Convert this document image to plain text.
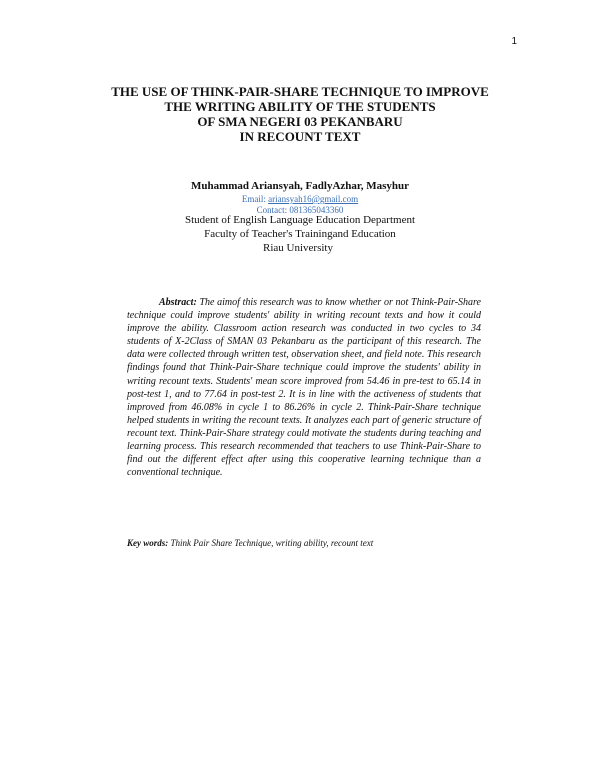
1
THE USE OF THINK-PAIR-SHARE TECHNIQUE TO IMPROVE
THE WRITING ABILITY OF THE STUDENTS
OF SMA NEGERI 03 PEKANBARU
IN RECOUNT TEXT
Muhammad Ariansyah, FadlyAzhar, Masyhur
Email: ariansyah16@gmail.com
Contact: 081365043360
Student of English Language Education Department
Faculty of Teacher's Trainingand Education
Riau University
Abstract: The aimof this research was to know whether or not Think-Pair-Share technique could improve students' ability in writing recount texts and how it could improve the ability. Classroom action research was conducted in two cycles to 34 students of X-2Class of SMAN 03 Pekanbaru as the participant of this research. The data were collected through written test, observation sheet, and field note. This research findings found that Think-Pair-Share technique could improve the students' ability in writing recount texts. Students' mean score improved from 54.46 in pre-test to 65.14 in post-test 1, and to 77.64 in post-test 2. It is in line with the activeness of students that improved from 46.08% in cycle 1 to 86.26% in cycle 2. Think-Pair-Share technique helped students in writing the recount texts. It analyzes each part of generic structure of recount text. Think-Pair-Share strategy could motivate the students during teaching and learning process. This research recommended that teachers to use Think-Pair-Share to find out the different effect after using this cooperative learning technique than a conventional technique.
Key words: Think Pair Share Technique, writing ability, recount text
